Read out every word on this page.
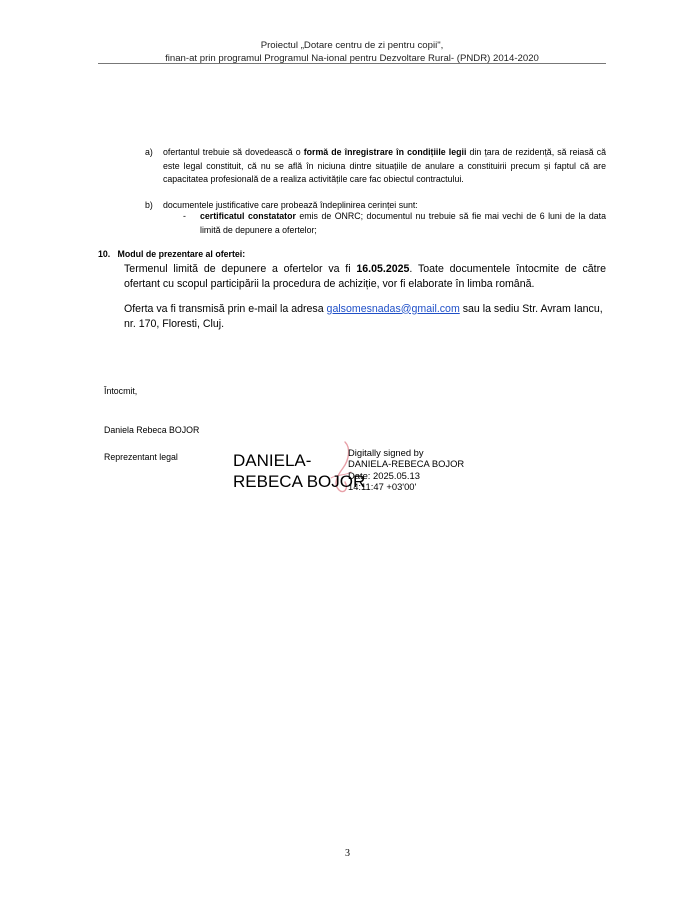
Proiectul „Dotare centru de zi pentru copii",
finan-at prin programul Programul Na-ional pentru Dezvoltare Rural- (PNDR) 2014-2020
a) ofertantul trebuie să dovedească o formă de înregistrare în condițiile legii din țara de rezidență, să reiasă că este legal constituit, că nu se află în niciuna dintre situațiile de anulare a constituirii precum și faptul că are capacitatea profesională de a realiza activitățile care fac obiectul contractului.
b) documentele justificative care probează îndeplinirea cerinței sunt:
- certificatul constatator emis de ONRC; documentul nu trebuie să fie mai vechi de 6 luni de la data limită de depunere a ofertelor;
10.   Modul de prezentare al ofertei:

Termenul limită de depunere a ofertelor va fi 16.05.2025. Toate documentele întocmite de către ofertant cu scopul participării la procedura de achiziție, vor fi elaborate în limba română.

Oferta va fi transmisă prin e-mail la adresa galsomesnadas@gmail.com sau la sediu Str. Avram Iancu, nr. 170, Floresti, Cluj.

Întocmit,
Daniela Rebeca BOJOR
Reprezentant legal	DANIELA-
REBECA BOJOR
Digitally signed by
DANIELA-REBECA BOJOR
Date: 2025.05.13
14:11:47 +03'00'
3
